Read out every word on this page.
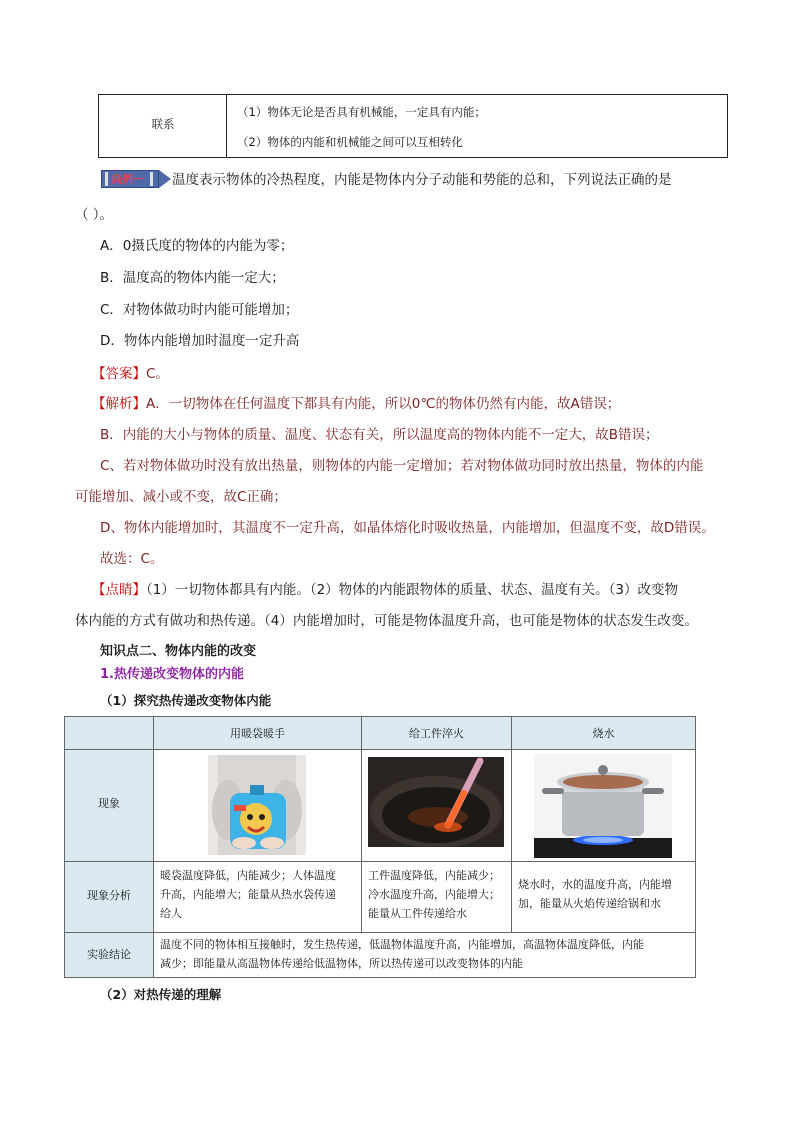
联系
（1）物体无论是否具有机械能，一定具有内能；
（2）物体的内能和机械能之间可以互相转化
典例一 温度表示物体的冷热程度，内能是物体内分子动能和势能的总和，下列说法正确的是
（ ）。
A．0摄氏度的物体的内能为零；
B．温度高的物体内能一定大；
C．对物体做功时内能可能增加；
D．物体内能增加时温度一定升高
【答案】C。
【解析】A．一切物体在任何温度下都具有内能，所以0℃的物体仍然有内能，故A错误；
B．内能的大小与物体的质量、温度、状态有关，所以温度高的物体内能不一定大，故B错误；
C、若对物体做功时没有放出热量，则物体的内能一定增加；若对物体做功同时放出热量，物体的内能
可能增加、减小或不变，故C正确；
D、物体内能增加时，其温度不一定升高，如晶体熔化时吸收热量，内能增加，但温度不变，故D错误。
故选：C。
【点睛】（1）一切物体都具有内能。（2）物体的内能跟物体的质量、状态、温度有关。（3）改变物
体内能的方式有做功和热传递。（4）内能增加时，可能是物体温度升高，也可能是物体的状态发生改变。
知识点二、物体内能的改变
1.热传递改变物体的内能
（1）探究热传递改变物体内能
用暖袋暖手	给工件淬火	烧水
现象
现象分析
暖袋温度降低，内能减少；人体温度
升高，内能增大；能量从热水袋传递
给人
工件温度降低，内能减少；
冷水温度升高，内能增大；
能量从工件传递给水
烧水时，水的温度升高，内能增
加，能量从火焰传递给锅和水
实验结论
温度不同的物体相互接触时，发生热传递，低温物体温度升高，内能增加，高温物体温度降低，内能
减少；即能量从高温物体传递给低温物体，所以热传递可以改变物体的内能
（2）对热传递的理解
